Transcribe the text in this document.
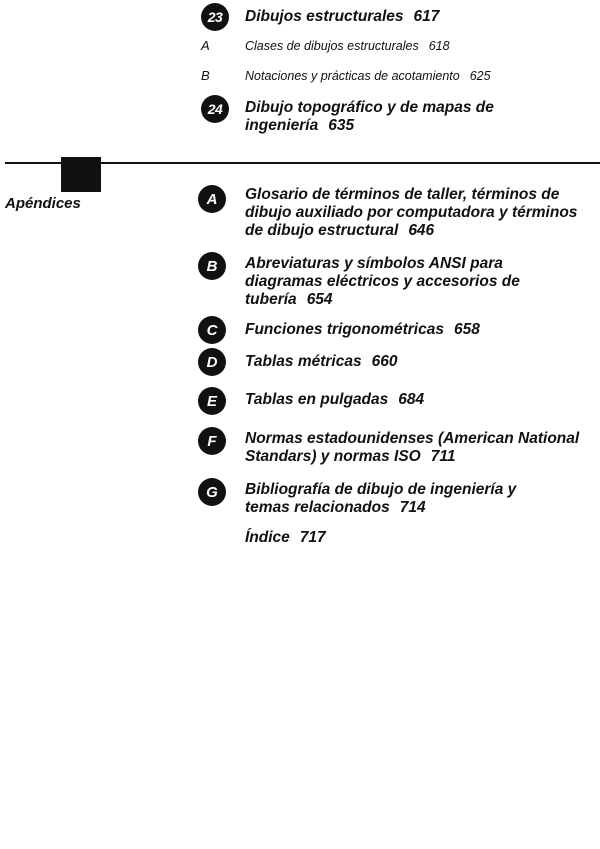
23	Dibujos estructurales 617
A	Clases de dibujos estructurales 618
B	Notaciones y prácticas de acotamiento 625
24	Dibujo topográfico y de mapas de ingeniería 635
Apéndices	A	Glosario de términos de taller, términos de dibujo auxiliado por computadora y términos de dibujo estructural 646
B	Abreviaturas y símbolos ANSI para diagramas eléctricos y accesorios de tubería 654
C	Funciones trigonométricas 658
D	Tablas métricas 660
E	Tablas en pulgadas 684
F	Normas estadounidenses (American National Standars) y normas ISO 711
G	Bibliografía de dibujo de ingeniería y temas relacionados 714
Índice 717
